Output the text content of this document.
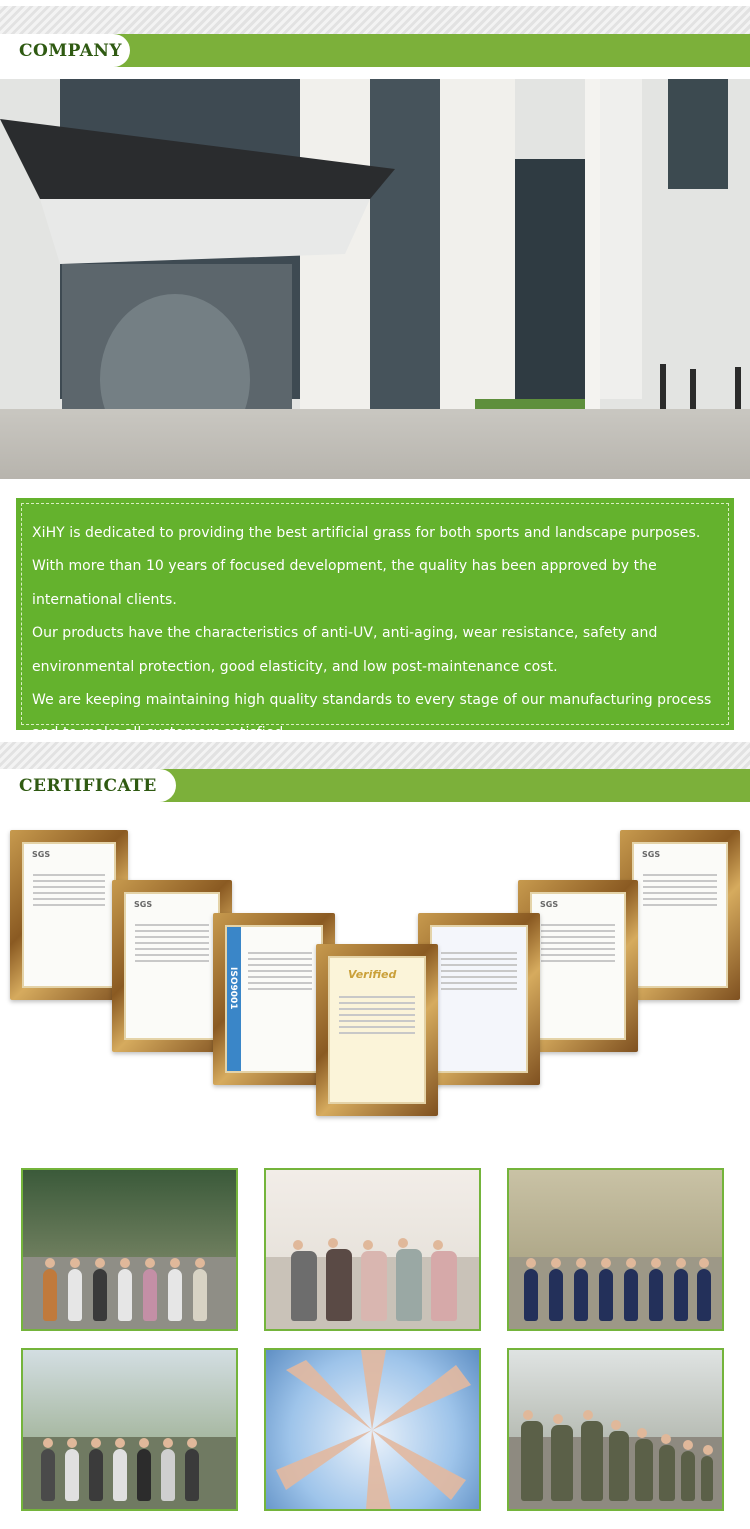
COMPANY

XiHY is dedicated to providing the best artificial grass for both sports and landscape purposes. With more than 10 years of focused development, the quality has been approved by the international clients.

Our products have the characteristics of anti-UV, anti-aging, wear resistance, safety and environmental protection, good elasticity, and low post-maintenance cost.

We are keeping maintaining high quality standards to every stage of our manufacturing process and to make all customers satisfied.

CERTIFICATE
SGS	SGS
SGS	SGS
ISO9001	Verified
